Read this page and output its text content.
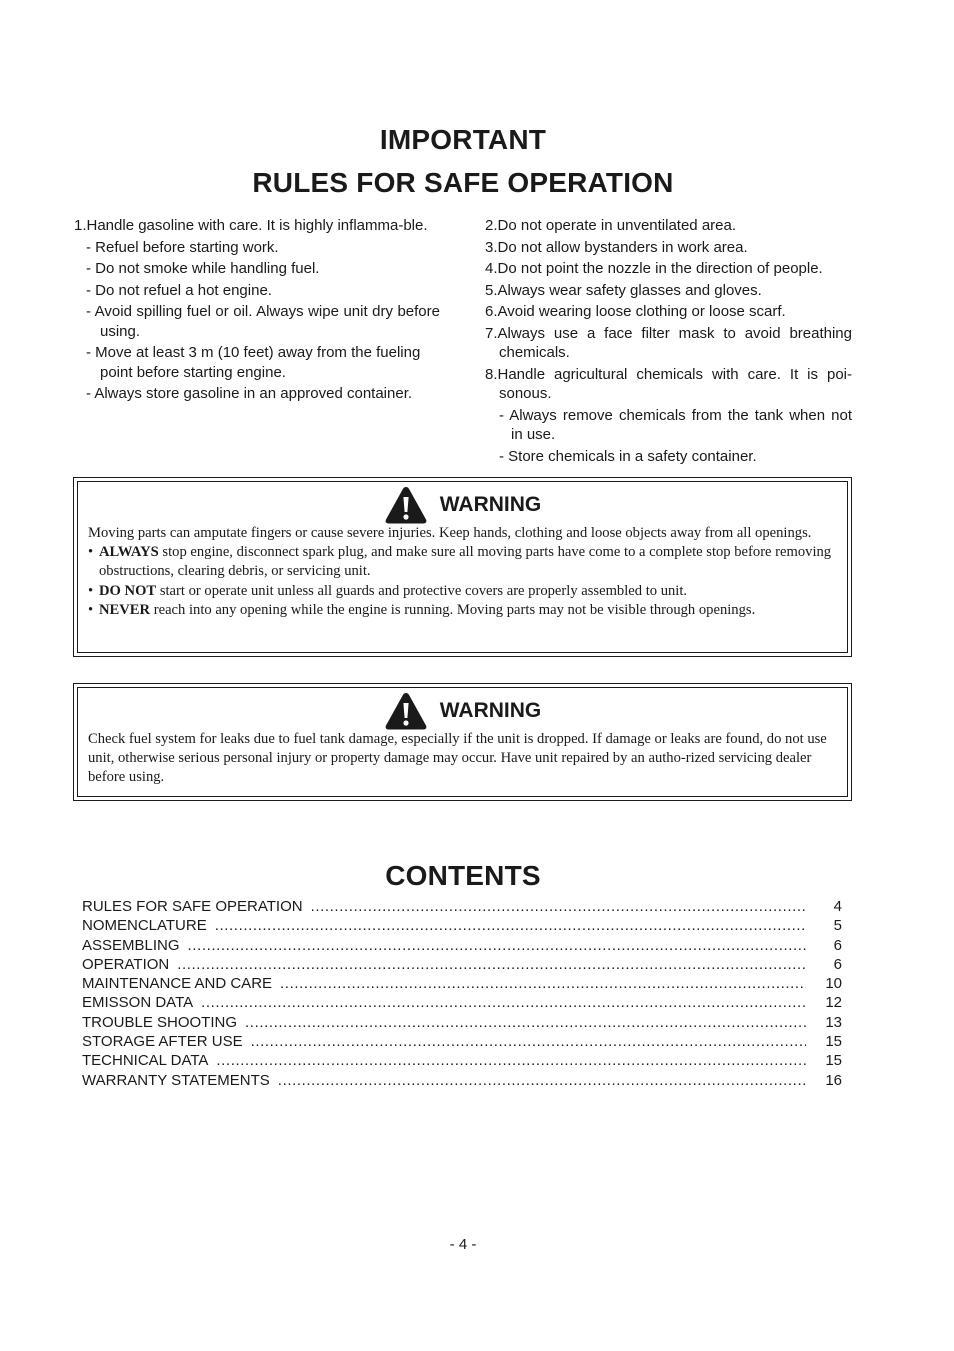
IMPORTANT
RULES FOR SAFE OPERATION
1.Handle gasoline with care. It is highly inflamma-ble.
- Refuel before starting work.
- Do not smoke while handling fuel.
- Do not refuel a hot engine.
- Avoid spilling fuel or oil. Always wipe unit dry before using.
- Move at least 3 m (10 feet) away from the fueling point before starting engine.
- Always store gasoline in an approved container.
2.Do not operate in unventilated area.
3.Do not allow bystanders in work area.
4.Do not point the nozzle in the direction of people.
5.Always wear safety glasses and gloves.
6.Avoid wearing loose clothing or loose scarf.
7.Always use a face filter mask to avoid breathing chemicals.
8.Handle agricultural chemicals with care. It is poi-sonous.
- Always remove chemicals from the tank when not in use.
- Store chemicals in a safety container.
WARNING

Moving parts can amputate fingers or cause severe injuries. Keep hands, clothing and loose objects away from all openings.

• ALWAYS stop engine, disconnect spark plug, and make sure all moving parts have come to a complete stop before removing obstructions, clearing debris, or servicing unit.
• DO NOT start or operate unit unless all guards and protective covers are properly assembled to unit.
• NEVER reach into any opening while the engine is running. Moving parts may not be visible through openings.
WARNING

Check fuel system for leaks due to fuel tank damage, especially if the unit is dropped. If damage or leaks are found, do not use unit, otherwise serious personal injury or property damage may occur. Have unit repaired by an autho-rized servicing dealer before using.

CONTENTS
RULES FOR SAFE OPERATION .....	4
NOMENCLATURE .....	5
ASSEMBLING .....	6
OPERATION .....	6
MAINTENANCE AND CARE .....	10
EMISSON DATA .....	12
TROUBLE SHOOTING .....	13
STORAGE AFTER USE .....	15
TECHNICAL DATA .....	15
WARRANTY STATEMENTS .....	16
- 4 -
